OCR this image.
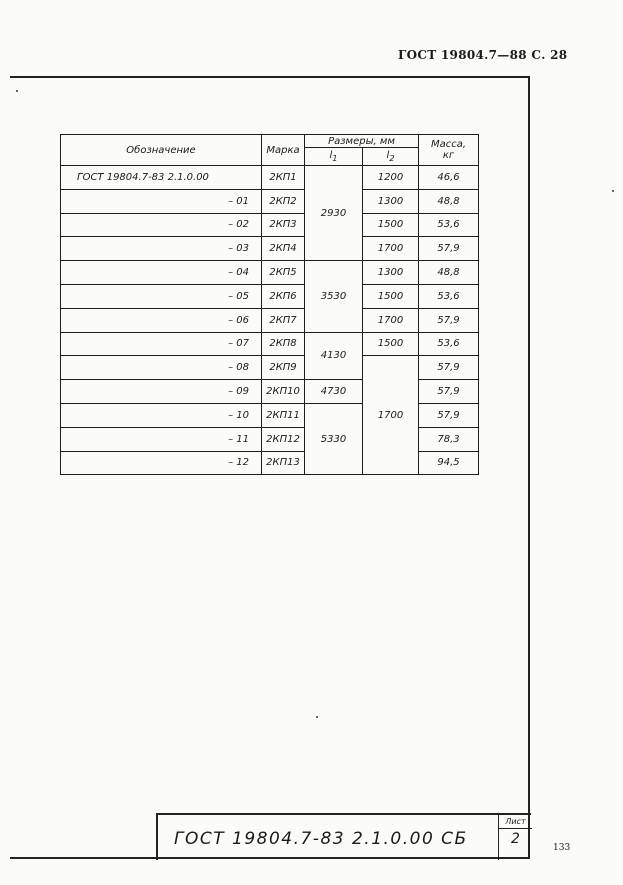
ГОСТ 19804.7—88 С. 28
Обозначение	Марка	Размеры, мм		Масса,
кг
		$l_1$	$l_2$
ГОСТ 19804.7-83 2.1.0.00	2КП1	2930	1200	46,6
– 01	2КП2		1300	48,8
– 02	2КП3		1500	53,6
– 03	2КП4		1700	57,9
– 04	2КП5	3530	1300	48,8
– 05	2КП6		1500	53,6
– 06	2КП7		1700	57,9
– 07	2КП8	4130	1500	53,6
– 08	2КП9		1700	57,9
– 09	2КП10	4730		57,9
– 10	2КП11	5330		57,9
– 11	2КП12			78,3
– 12	2КП13			94,5
ГОСТ 19804.7-83 2.1.0.00 СБ
Лист
2
133
